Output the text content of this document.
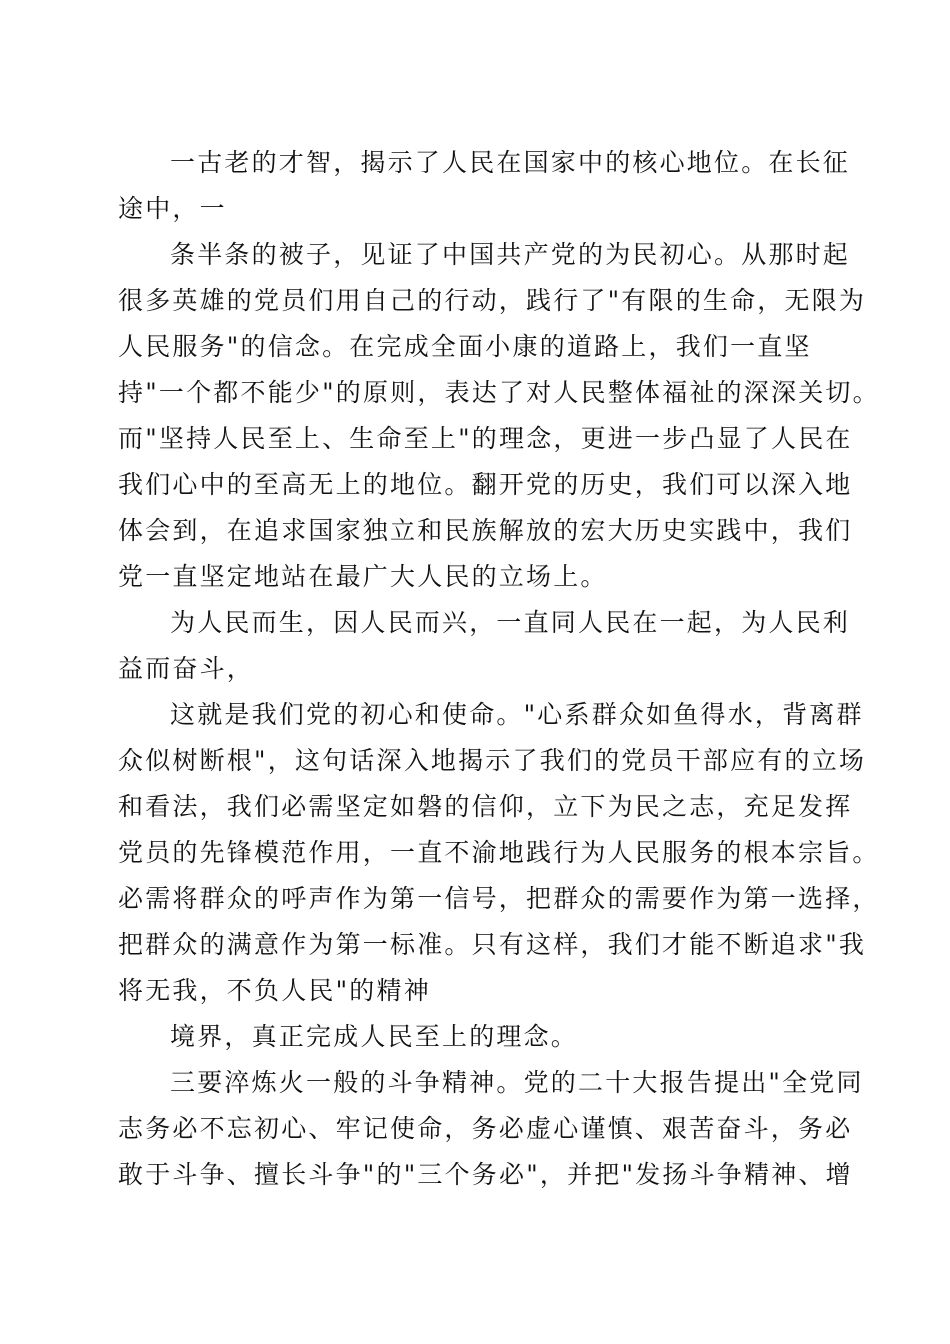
一古老的才智，揭示了人民在国家中的核心地位。在长征
途中，一
条半条的被子，见证了中国共产党的为民初心。从那时起
很多英雄的党员们用自己的行动，践行了"有限的生命，无限为
人民服务"的信念。在完成全面小康的道路上，我们一直坚
持"一个都不能少"的原则，表达了对人民整体福祉的深深关切。
而"坚持人民至上、生命至上"的理念，更进一步凸显了人民在
我们心中的至高无上的地位。翻开党的历史，我们可以深入地
体会到，在追求国家独立和民族解放的宏大历史实践中，我们
党一直坚定地站在最广大人民的立场上。
为人民而生，因人民而兴，一直同人民在一起，为人民利
益而奋斗，
这就是我们党的初心和使命。"心系群众如鱼得水，背离群
众似树断根"，这句话深入地揭示了我们的党员干部应有的立场
和看法，我们必需坚定如磐的信仰，立下为民之志，充足发挥
党员的先锋模范作用，一直不渝地践行为人民服务的根本宗旨。
必需将群众的呼声作为第一信号，把群众的需要作为第一选择，
把群众的满意作为第一标准。只有这样，我们才能不断追求"我
将无我，不负人民"的精神
境界，真正完成人民至上的理念。
三要淬炼火一般的斗争精神。党的二十大报告提出"全党同
志务必不忘初心、牢记使命，务必虚心谨慎、艰苦奋斗，务必
敢于斗争、擅长斗争"的"三个务必"，并把"发扬斗争精神、增
